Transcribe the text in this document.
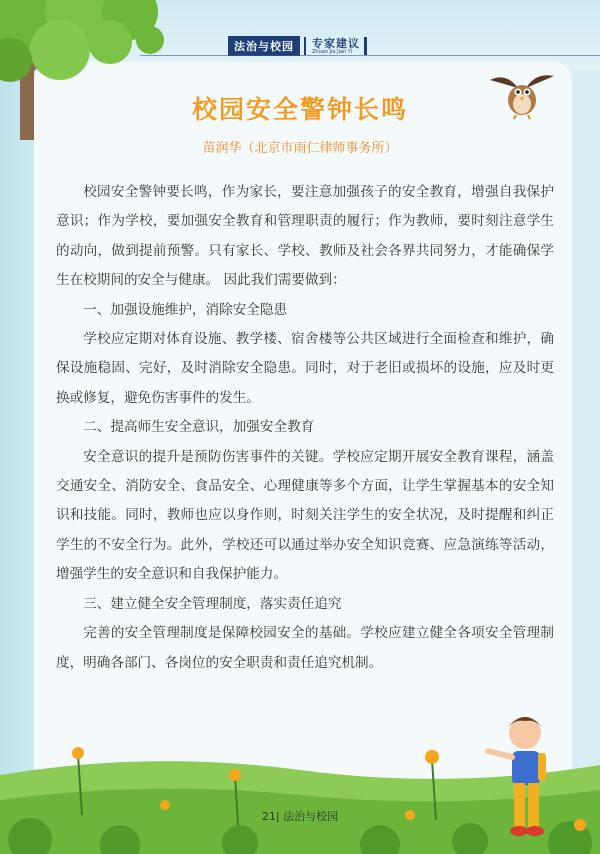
法治与校园	专家建议
Zhuan Jia Jian Yi
校园安全警钟长鸣
苗润华（北京市雨仁律师事务所）

校园安全警钟要长鸣，作为家长，要注意加强孩子的安全教育，增强自我保护意识；作为学校，要加强安全教育和管理职责的履行；作为教师，要时刻注意学生的动向，做到提前预警。只有家长、学校、教师及社会各界共同努力，才能确保学生在校期间的安全与健康。 因此我们需要做到：

一、加强设施维护，消除安全隐患

学校应定期对体育设施、教学楼、宿舍楼等公共区域进行全面检查和维护，确保设施稳固、完好，及时消除安全隐患。同时，对于老旧或损坏的设施，应及时更换或修复，避免伤害事件的发生。

二、提高师生安全意识，加强安全教育

安全意识的提升是预防伤害事件的关键。学校应定期开展安全教育课程，涵盖交通安全、消防安全、食品安全、心理健康等多个方面，让学生掌握基本的安全知识和技能。同时，教师也应以身作则，时刻关注学生的安全状况，及时提醒和纠正学生的不安全行为。此外，学校还可以通过举办安全知识竞赛、应急演练等活动，增强学生的安全意识和自我保护能力。

三、建立健全安全管理制度，落实责任追究

完善的安全管理制度是保障校园安全的基础。学校应建立健全各项安全管理制度，明确各部门、各岗位的安全职责和责任追究机制。

21| 法治与校园
